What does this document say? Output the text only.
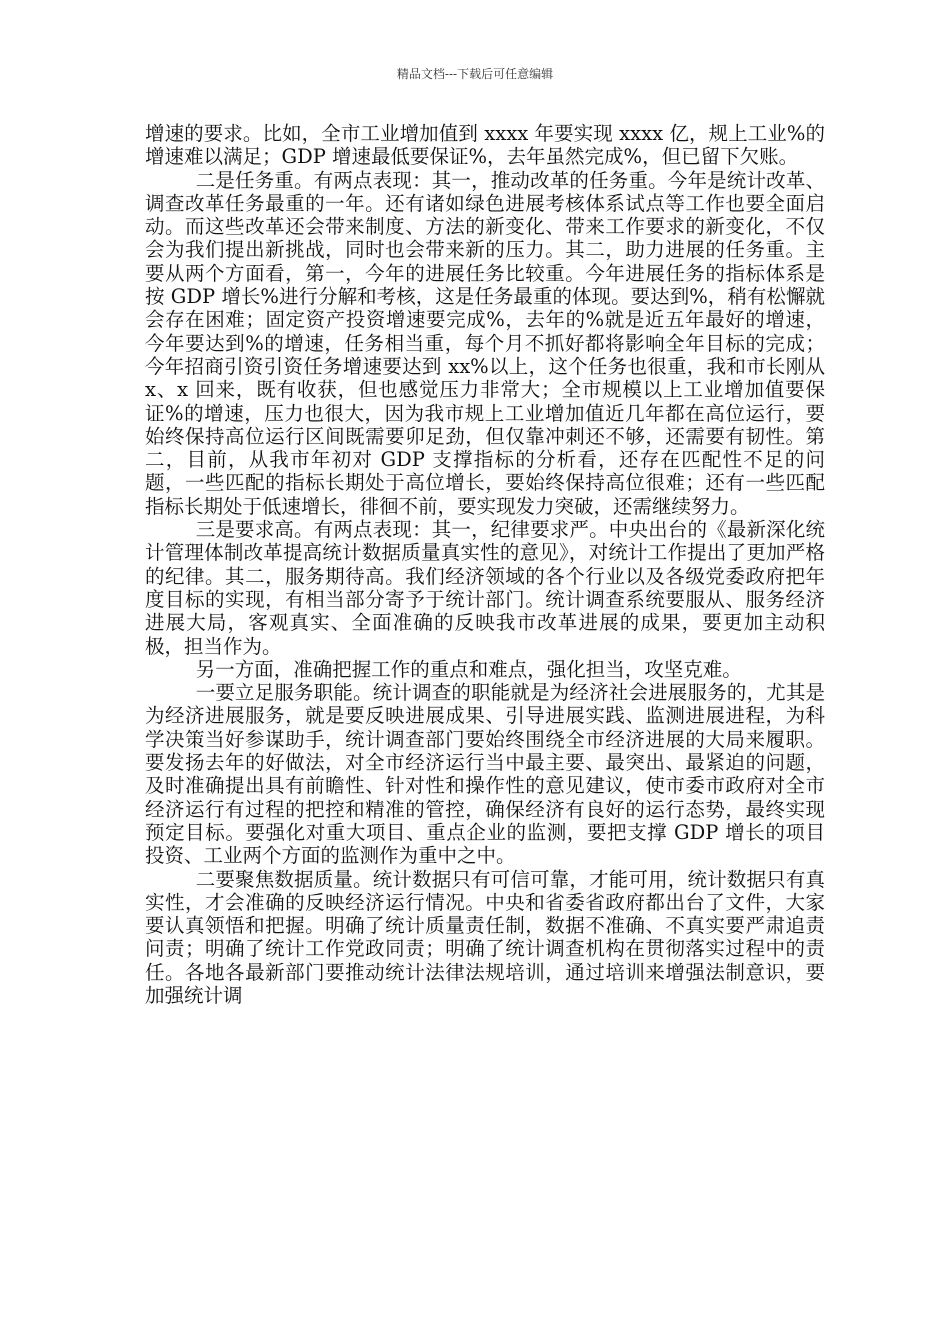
精品文档---下载后可任意编辑

增速的要求。比如，全市工业增加值到 xxxx 年要实现 xxxx 亿，规上工业%的增速难以满足；GDP 增速最低要保证%，去年虽然完成%，但已留下欠账。

二是任务重。有两点表现：其一，推动改革的任务重。今年是统计改革、调查改革任务最重的一年。还有诸如绿色进展考核体系试点等工作也要全面启动。而这些改革还会带来制度、方法的新变化、带来工作要求的新变化，不仅会为我们提出新挑战，同时也会带来新的压力。其二，助力进展的任务重。主要从两个方面看，第一，今年的进展任务比较重。今年进展任务的指标体系是按 GDP 增长%进行分解和考核，这是任务最重的体现。要达到%，稍有松懈就会存在困难；固定资产投资增速要完成%，去年的%就是近五年最好的增速，今年要达到%的增速，任务相当重，每个月不抓好都将影响全年目标的完成；今年招商引资引资任务增速要达到 xx%以上，这个任务也很重，我和市长刚从 x、x 回来，既有收获，但也感觉压力非常大；全市规模以上工业增加值要保证%的增速，压力也很大，因为我市规上工业增加值近几年都在高位运行，要始终保持高位运行区间既需要卯足劲，但仅靠冲刺还不够，还需要有韧性。第二，目前，从我市年初对 GDP 支撑指标的分析看，还存在匹配性不足的问题，一些匹配的指标长期处于高位增长，要始终保持高位很难；还有一些匹配指标长期处于低速增长，徘徊不前，要实现发力突破，还需继续努力。

三是要求高。有两点表现：其一，纪律要求严。中央出台的《最新深化统计管理体制改革提高统计数据质量真实性的意见》，对统计工作提出了更加严格的纪律。其二，服务期待高。我们经济领域的各个行业以及各级党委政府把年度目标的实现，有相当部分寄予于统计部门。统计调查系统要服从、服务经济进展大局，客观真实、全面准确的反映我市改革进展的成果，要更加主动积极，担当作为。

另一方面，准确把握工作的重点和难点，强化担当，攻坚克难。

一要立足服务职能。统计调查的职能就是为经济社会进展服务的，尤其是为经济进展服务，就是要反映进展成果、引导进展实践、监测进展进程，为科学决策当好参谋助手，统计调查部门要始终围绕全市经济进展的大局来履职。要发扬去年的好做法，对全市经济运行当中最主要、最突出、最紧迫的问题，及时准确提出具有前瞻性、针对性和操作性的意见建议，使市委市政府对全市经济运行有过程的把控和精准的管控，确保经济有良好的运行态势，最终实现预定目标。要强化对重大项目、重点企业的监测，要把支撑 GDP 增长的项目投资、工业两个方面的监测作为重中之中。

二要聚焦数据质量。统计数据只有可信可靠，才能可用，统计数据只有真实性，才会准确的反映经济运行情况。中央和省委省政府都出台了文件，大家要认真领悟和把握。明确了统计质量责任制，数据不准确、不真实要严肃追责问责；明确了统计工作党政同责；明确了统计调查机构在贯彻落实过程中的责任。各地各最新部门要推动统计法律法规培训，通过培训来增强法制意识，要加强统计调
